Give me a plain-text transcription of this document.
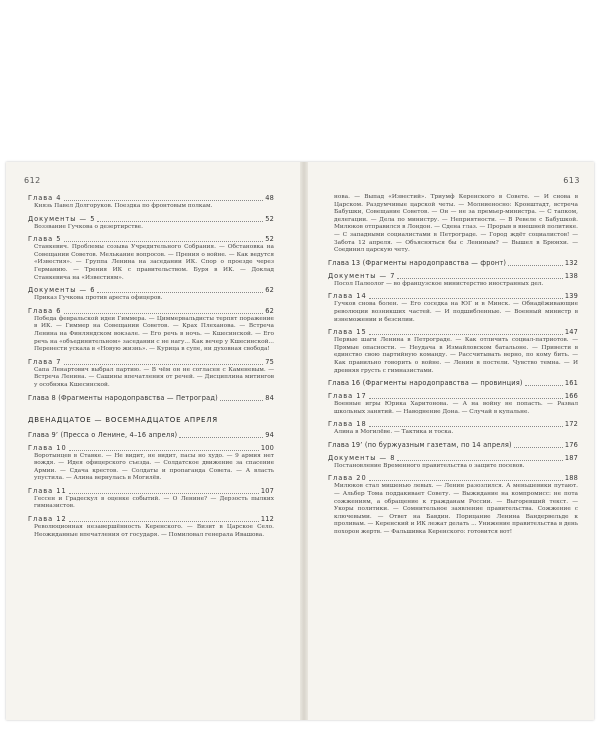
612
Глава 4	48
Князь Павел Долгоруков. Поездка по фронтовым полкам.
Документы — 5	52
Воззвание Гучкова о дезертирстве.
Глава 5	52
Станкевич. Проблемы созыва Учредительного Собрания. — Обстановка на Совещании Советов. Мелькание вопросов. — Прения о войне. — Как ведутся «Известия». — Группа Ленина на заседании ИК. Спор о проезде через Германию. — Трения ИК с правительством. Буря в ИК. — Доклад Станкевича на «Известиям».
Документы — 6	62
Приказ Гучкова против ареста офицеров.
Глава 6	62
Победа февральской идеи Гиммера. — Циммервальдисты терпят поражение в ИК. — Гиммер на Совещании Советов. — Крах Плеханова. — Встреча Ленина на Финляндском вокзале. — Его речь в ночь. — Кшесинской. — Его речь на «объединительном» заседании с не нагу... Как вечер у Кшесинской... Перенести ускала в «Новую жизнь». — Курица в супе, ни духовная свобода!
Глава 7	75
Сапа Ленартович выбрал партию. — В чём он не согласен с Каменевым. — Встреча Ленина. — Сашины впечатления от речей. — Дисциплина митингов у особняка Кшесинской.
Глава 8 (Фрагменты народоправства — Петроград)	84
ДВЕНАДЦАТОЕ — ВОСЕМНАДЦАТОЕ АПРЕЛЯ
Глава 9’ (Пресса о Ленине, 4–16 апреля)	94
Глава 10	100
Воротынцев в Ставке. — Не видит, не видит, пасы но худо. — 9 армия нет вождя. — Идея офицерского съезда. — Солдатское движение за спасение Армии. — Сдача крестов. — Солдаты и пропаганда Совета. — А власть упустила. — Алина вернулась в Могилёв.
Глава 11	107
Гессен и Градескул в оценке событий. — О Ленине? — Дерзость пылких гимназистов.
Глава 12	112
Революционная незавершённость Керенского. — Визит в Царское Село. Неожиданные впечатления от государя. — Помиловал генерала Ивашова.
613
нова. — Выпад «Известий». Триумф Керенского в Совете. — И снова в Царском. Раздумчивые царской четы. — Молниеносно: Кронштадт, встреча Бабушки, Совещание Советов. — Он — не за премьер-министра. — С тапком, делегации. — Дела по министру. — Неприятности. — В Ревеле с Бабушкой. Милюков отправился в Лондон. — Сдена глаз. — Прорыв в внешней политике. — С западными социалистами в Петрограде. — Город ждёт социалистов! — Забота 12 апреля. — Объясняться бы с Лениным? — Вышел в Брюнхи. — Соединил царскую чету.
Глава 13 (Фрагменты народоправства — фронт)	132
Документы — 7	138
Посол Палеолог — во французское министерство иностранных дел.
Глава 14	139
Гучков снова болен. — Его соседка на ЮГ и в Минск. — Обнадёживающие революции возникших частей. — И подшибленные. — Военный министр в изнеможении и безсилии.
Глава 15	147
Первые шаги Ленина в Петрограде. — Как отличить социал-патриотов. — Прямые опасности. — Неудача в Измайловском батальоне. — Привести в единство свою партийную команду. — Рассчитывать верно, по кому бить. — Как правильно говорить о войне. — Ленин в постели. Чувство темна. — И древняя грусть с гимназистами.
Глава 16 (Фрагменты народоправства — провинция)	161
Глава 17	166
Военные игры Юрика Харитонова. — А на войну не попасть. — Развал школьных занятий. — Наводнение Дона. — Случай в купальне.
Глава 18	172
Алина в Могилёве. — Тактика и тоска.
Глава 19’ (по буржуазным газетам, по 14 апреля)	176
Документы — 8	187
Постановление Временного правительства о защите посевов.
Глава 20	188
Милюков стал мишенью левых. — Ленин разозлился. А меньшевики путают. — Альбер Тома поддакивает Совету. — Выжидание на компромисс: не пота сожжениям, а обращение к гражданам России. — Выгоревший текст. — Укоры политики. — Сомнительное заявление правительства. Сожжение с ключевыми. — Ответ на Бавдин. Порицание Ленина Вандервельде к проливам. — Керенский и ИК лежат делать ... Унижение правительства в день похорон жертв. — Фальшивка Керенского: готовится вот!
